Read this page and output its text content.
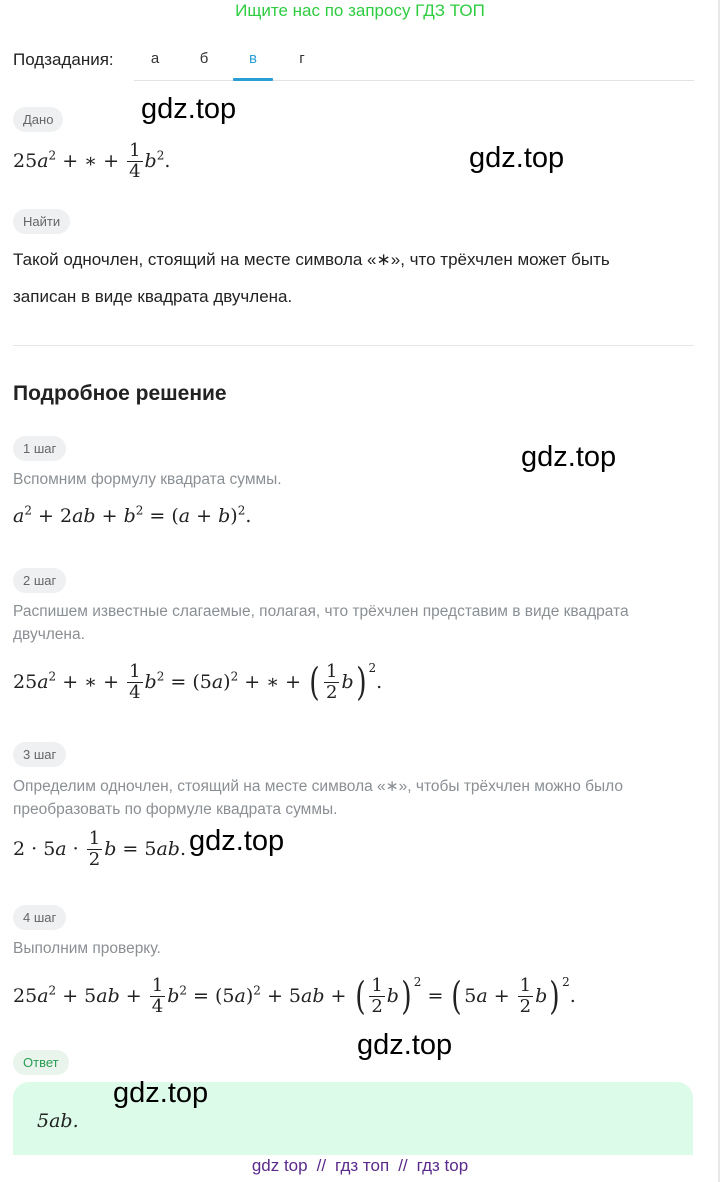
Ищите нас по запросу ГДЗ ТОП
Подзадания:	а	б	в	г
Дано
$25a^2$ + ∗ + $\frac{1}{4} b^2$.
Найти
Такой одночлен, стоящий на месте символа «∗», что трёхчлен может быть
записан в виде квадрата двучлена.
Подробное решение
1 шаг
Вспомним формулу квадрата суммы.
$a^2 + 2ab + b^2 = (a + b)^2$.
2 шаг
Распишем известные слагаемые, полагая, что трёхчлен представим в виде квадрата
двучлена.
$25a^2$ + ∗ + $\frac{1}{4} b^2 = (5a)^2$ + ∗ + ( $\frac{1}{2}$ b ) 2
.
3 шаг
Определим одночлен, стоящий на месте символа «∗», чтобы трёхчлен можно было
преобразовать по формуле квадрата суммы.
$2 \cdot 5a \cdot \frac{1}{2}$ b = 5ab.
4 шаг
Выполним проверку.
$25a^2 + 5ab + \frac{1}{4} b^2 = (5a)^2 + 5ab$ + ( $\frac{1}{2}$ b ) 2
= ( $5a + \frac{1}{2}$ b ) 2
.
Ответ
5ab.
gdz.top
gdz.top
gdz.top
gdz.top
gdz.top
gdz.top
gdz top // гдз топ // гдз top
